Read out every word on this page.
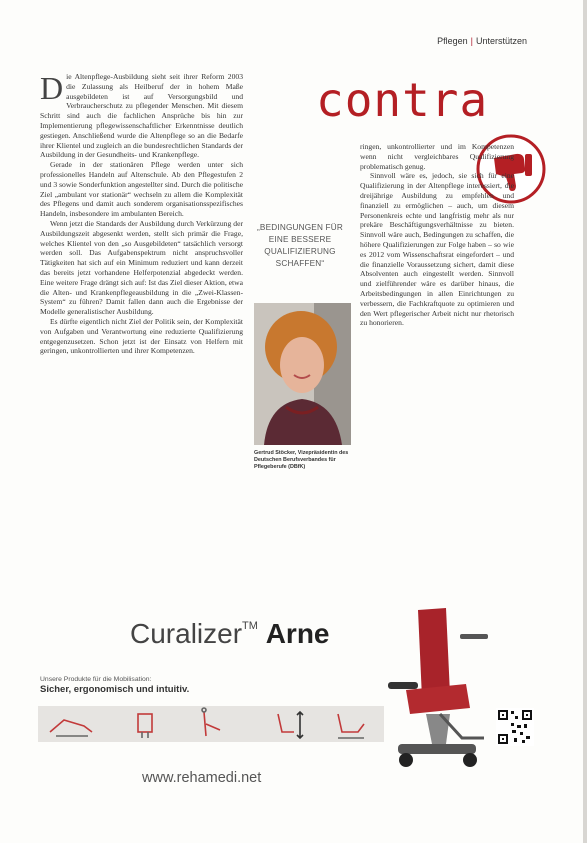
Pflegen | Unterstützen
contra
D ie Altenpflege-Ausbildung sieht seit ihrer Reform 2003 die Zulassung als Heilberuf der in hohem Maße ausgebildeten ist auf Versorgungsbild und Verbraucherschutz zu pflegender Menschen. Mit diesem Schritt sind auch die fachlichen Ansprüche bis hin zur Implementierung pflegewissenschaftlicher Erkenntnisse deutlich gestiegen. Anschließend wurde die Altenpflege so an die Bedarfe ihrer Klientel und zugleich an die bundesrechtlichen Standards der Ausbildung in der Gesundheits- und Krankenpflege.

Gerade in der stationären Pflege werden unter sich professionelles Handeln auf Altenschule. Ab den Pflegestufen 2 und 3 sowie Sonderfunktion angestellter sind. Durch die politische Ziel „ambulant vor stationär“ wechseln zu allem die Komplexität des Pflegens und damit auch sonderem organisationsspezifisches Handeln, insbesondere im ambulanten Bereich.

Wenn jetzt die Standards der Ausbildung durch Verkürzung der Ausbildungszeit abgesenkt werden, stellt sich primär die Frage, welches Klientel von den „so Ausgebildeten“ tatsächlich versorgt werden soll. Das Aufgabenspektrum nicht anspruchsvoller Tätigkeiten hat sich auf ein Minimum reduziert und kann derzeit das bereits jetzt vorhandene Helferpotenzial abgedeckt werden. Eine weitere Frage drängt sich auf: Ist das Ziel dieser Aktion, etwa die Alten- und Krankenpflegeausbildung in die „Zwei-Klassen-System“ zu führen? Damit fallen dann auch die Ergebnisse der Modelle generalistischer Ausbildung.

Es dürfte eigentlich nicht Ziel der Politik sein, der Komplexität von Aufgaben und Verantwortung eine reduzierte Qualifizierung entgegenzusetzen. Schon jetzt ist der Einsatz von Helfern mit geringen, unkontrollierten und ihrer Kompetenzen.

„BEDINGUNGEN FÜR EINE BESSERE QUALIFIZIERUNG SCHAFFEN“
Gertrud Stöcker, Vizepräsidentin des Deutschen Berufsverbandes für Pflegeberufe (DBfK)

ringen, unkontrollierter und im Kompetenzen wenn nicht vergleichbares Qualifizierung problematisch genug.

Sinnvoll wäre es, jedoch, sie sich für eine Qualifizierung in der Altenpflege interessiert, die dreijährige Ausbildung zu empfehlen und finanziell zu ermöglichen – auch, um diesem Personenkreis echte und langfristig mehr als nur prekäre Beschäftigungsverhältnisse zu bieten. Sinnvoll wäre auch, Bedingungen zu schaffen, die höhere Qualifizierungen zur Folge haben – so wie es 2012 vom Wissenschaftsrat eingefordert – und die finanzielle Voraussetzung sichert, damit diese Absolventen auch eingestellt werden. Sinnvoll und zielführender wäre es darüber hinaus, die Arbeitsbedingungen in allen Einrichtungen zu verbessern, die Fachkraftquote zu optimieren und den Wert pflegerischer Arbeit nicht nur rhetorisch zu honorieren.

Curalizer™ Arne
Unsere Produkte für die Mobilisation:
Sicher, ergonomisch und intuitiv.
www.rehamedi.net
